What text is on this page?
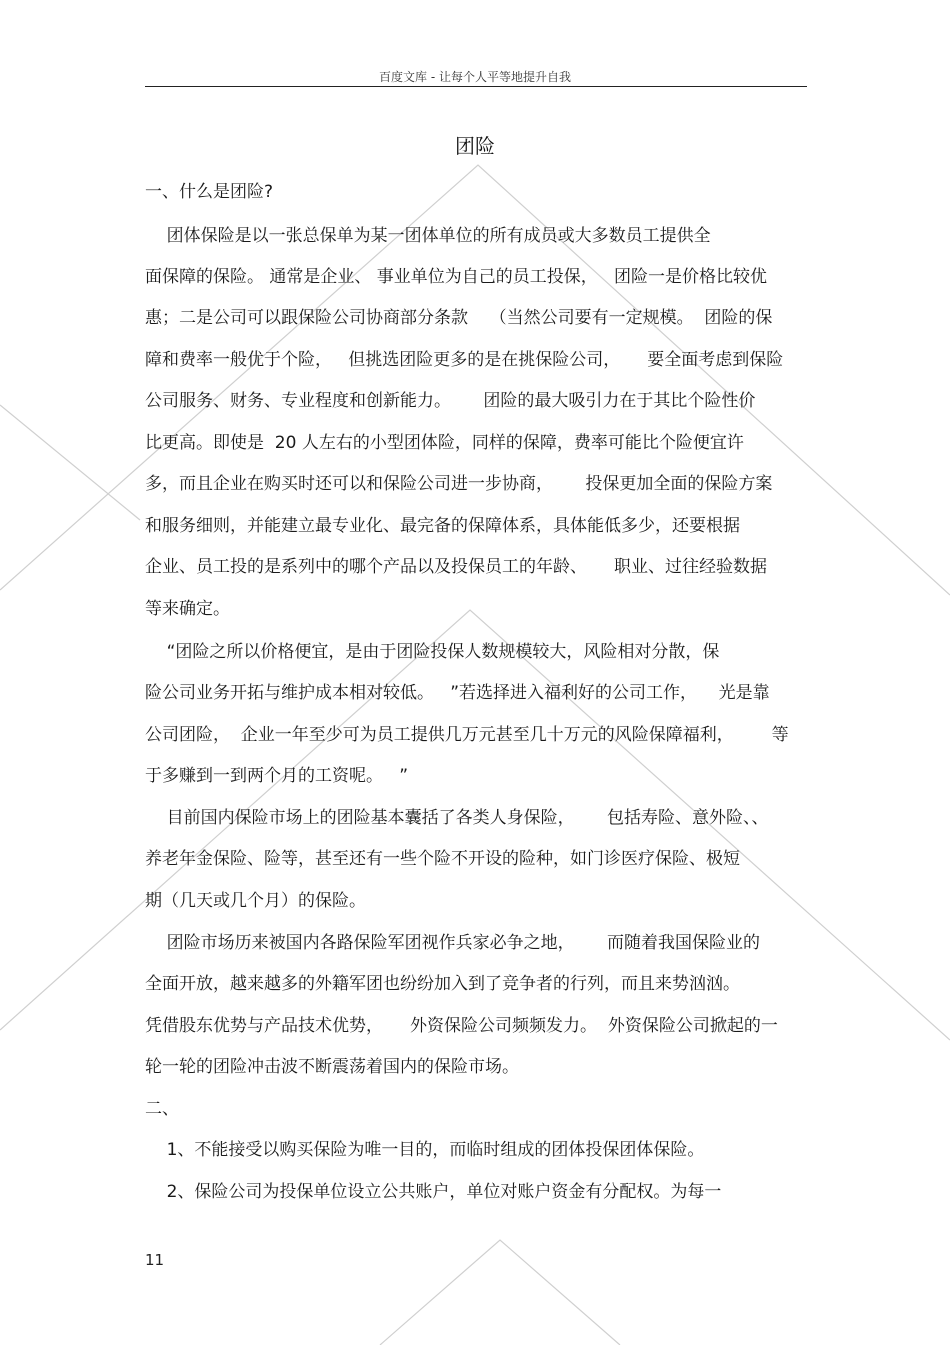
百度文库 - 让每个人平等地提升自我
团险
一、什么是团险?
团体保险是以一张总保单为某一团体单位的所有成员或大多数员工提供全
面保障的保险。 通常是企业、 事业单位为自己的员工投保，   团险一是价格比较优
惠；二是公司可以跟保险公司协商部分条款    （当然公司要有一定规模。  团险的保
障和费率一般优于个险，   但挑选团险更多的是在挑保险公司，     要全面考虑到保险
公司服务、财务、专业程度和创新能力。      团险的最大吸引力在于其比个险性价
比更高。即使是  20 人左右的小型团体险，同样的保障，费率可能比个险便宜许
多，而且企业在购买时还可以和保险公司进一步协商，      投保更加全面的保险方案
和服务细则，并能建立最专业化、最完备的保障体系，具体能低多少，还要根据
企业、员工投的是系列中的哪个产品以及投保员工的年龄、     职业、过往经验数据
等来确定。
“团险之所以价格便宜，是由于团险投保人数规模较大，风险相对分散，保
险公司业务开拓与维护成本相对较低。   ”若选择进入福利好的公司工作，    光是靠
公司团险，  企业一年至少可为员工提供几万元甚至几十万元的风险保障福利，       等
于多赚到一到两个月的工资呢。   ”
目前国内保险市场上的团险基本囊括了各类人身保险，      包括寿险、意外险、、
养老年金保险、险等，甚至还有一些个险不开设的险种，如门诊医疗保险、极短
期（几天或几个月）的保险。
团险市场历来被国内各路保险军团视作兵家必争之地，      而随着我国保险业的
全面开放，越来越多的外籍军团也纷纷加入到了竞争者的行列，而且来势汹汹。
凭借股东优势与产品技术优势，     外资保险公司频频发力。  外资保险公司掀起的一
轮一轮的团险冲击波不断震荡着国内的保险市场。
二、
1、不能接受以购买保险为唯一目的，而临时组成的团体投保团体保险。
2、保险公司为投保单位设立公共账户，单位对账户资金有分配权。为每一
11
